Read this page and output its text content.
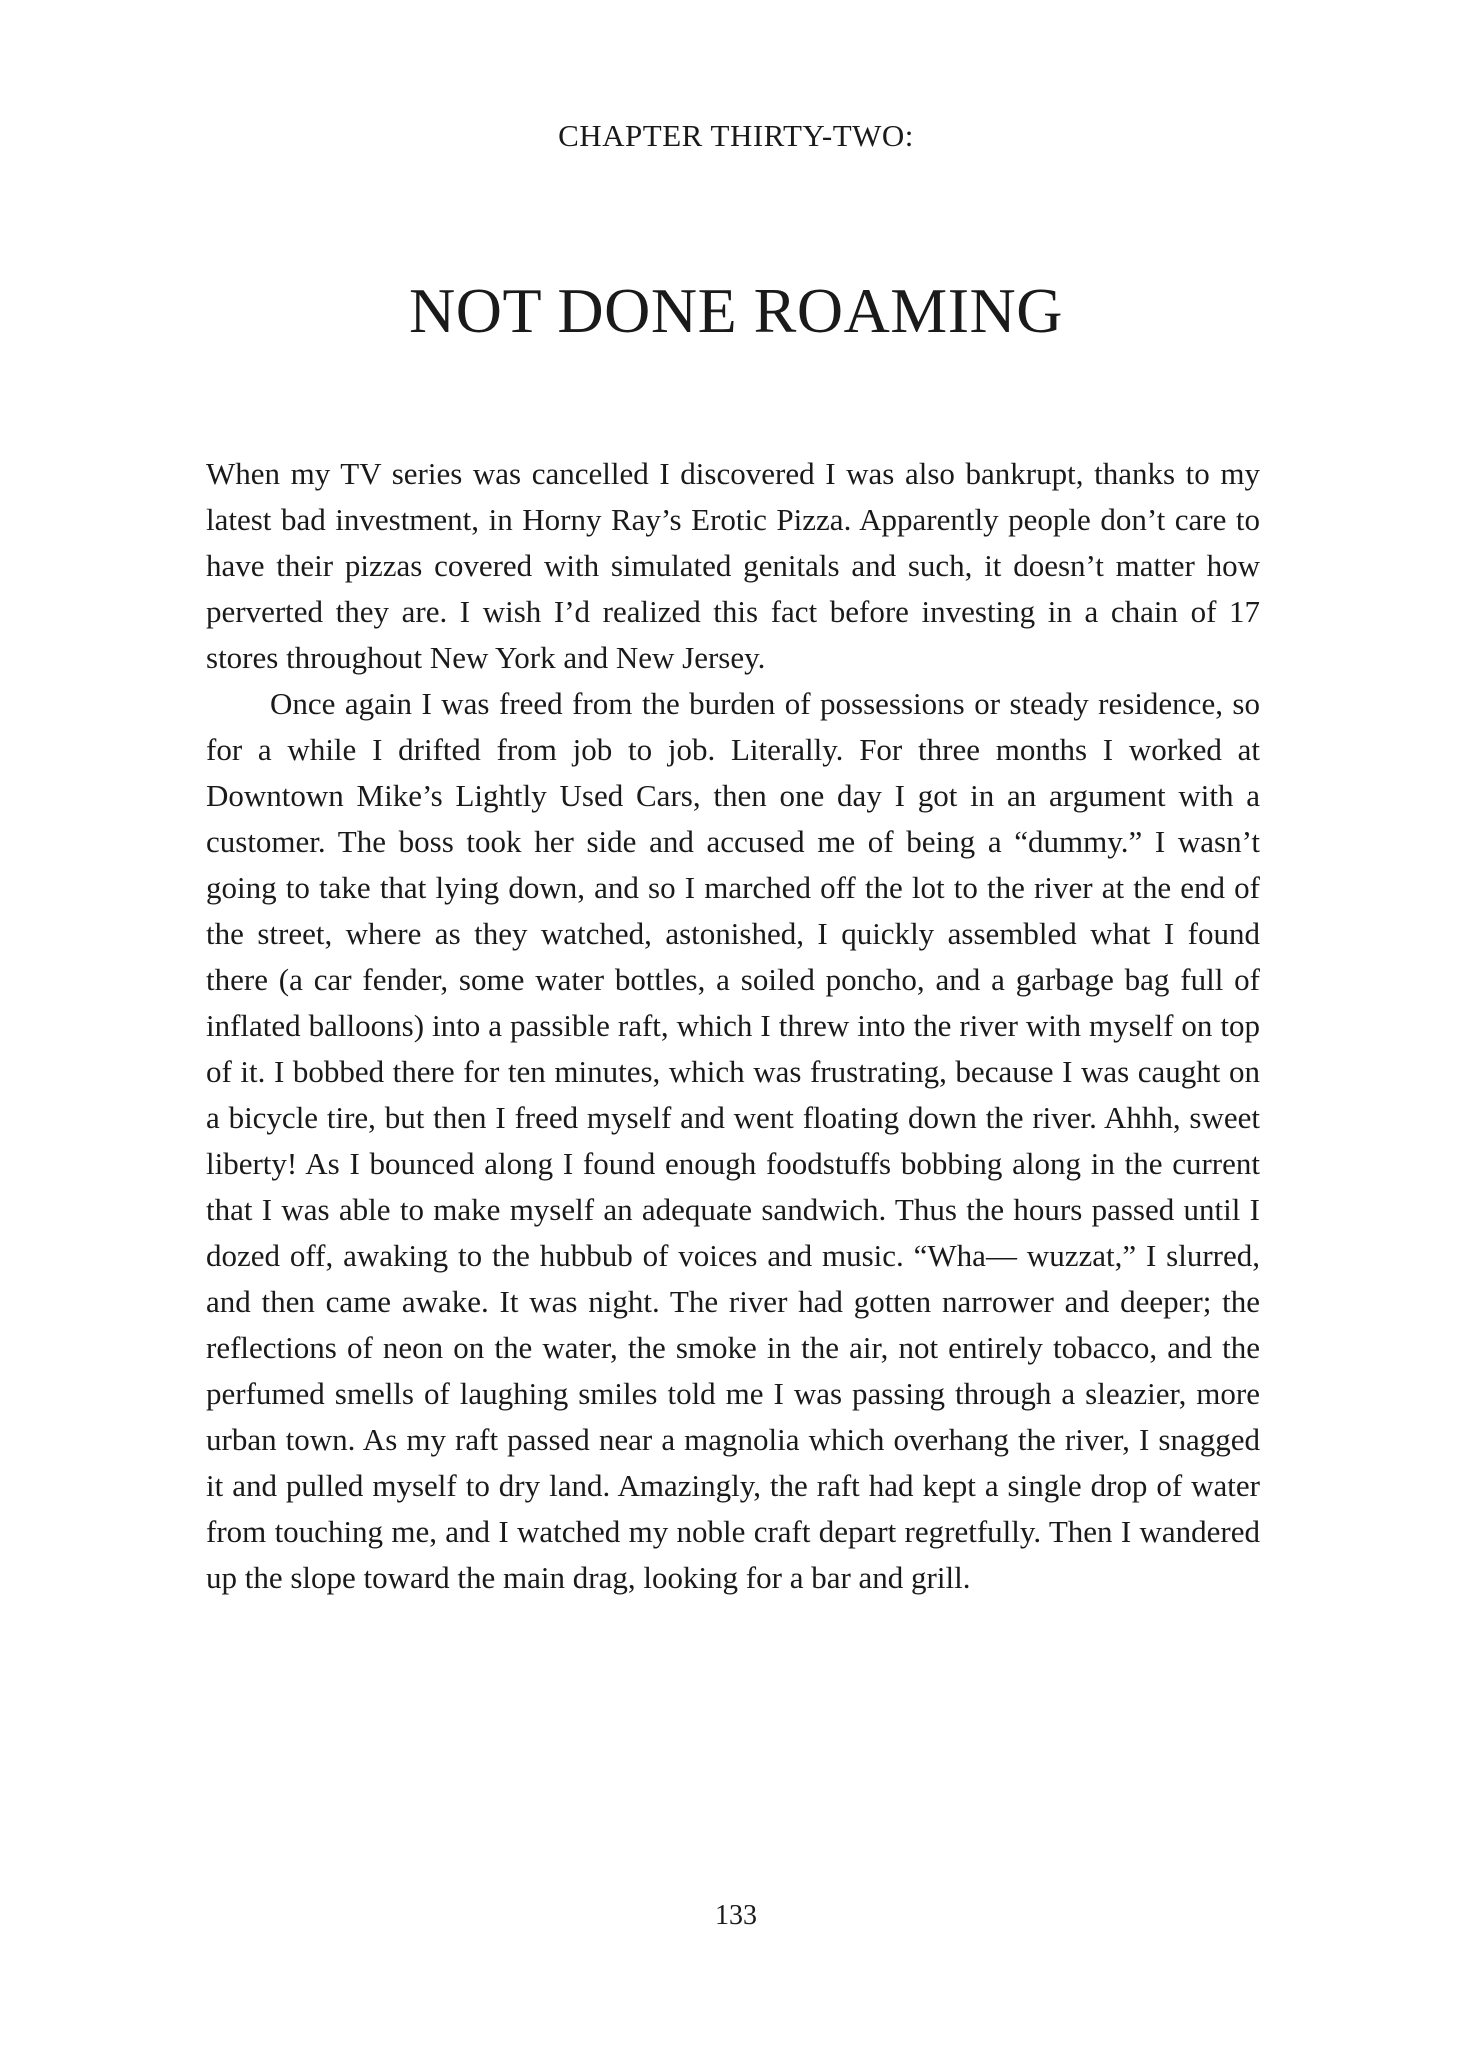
CHAPTER THIRTY-TWO:
NOT DONE ROAMING

When my TV series was cancelled I discovered I was also bankrupt, thanks to my latest bad investment, in Horny Ray’s Erotic Pizza. Apparently people don’t care to have their pizzas covered with simulated genitals and such, it doesn’t matter how perverted they are. I wish I’d realized this fact before investing in a chain of 17 stores throughout New York and New Jersey.

Once again I was freed from the burden of possessions or steady residence, so for a while I drifted from job to job. Literally. For three months I worked at Downtown Mike’s Lightly Used Cars, then one day I got in an argument with a customer. The boss took her side and accused me of being a “dummy.” I wasn’t going to take that lying down, and so I marched off the lot to the river at the end of the street, where as they watched, astonished, I quickly assembled what I found there (a car fender, some water bottles, a soiled poncho, and a garbage bag full of inflated balloons) into a passible raft, which I threw into the river with myself on top of it. I bobbed there for ten minutes, which was frustrating, because I was caught on a bicycle tire, but then I freed myself and went floating down the river. Ahhh, sweet liberty! As I bounced along I found enough foodstuffs bobbing along in the current that I was able to make myself an adequate sandwich. Thus the hours passed until I dozed off, awaking to the hubbub of voices and music. “Wha— wuzzat,” I slurred, and then came awake. It was night. The river had gotten narrower and deeper; the reflections of neon on the water, the smoke in the air, not entirely tobacco, and the perfumed smells of laughing smiles told me I was passing through a sleazier, more urban town. As my raft passed near a magnolia which overhang the river, I snagged it and pulled myself to dry land. Amazingly, the raft had kept a single drop of water from touching me, and I watched my noble craft depart regretfully. Then I wandered up the slope toward the main drag, looking for a bar and grill.

133
